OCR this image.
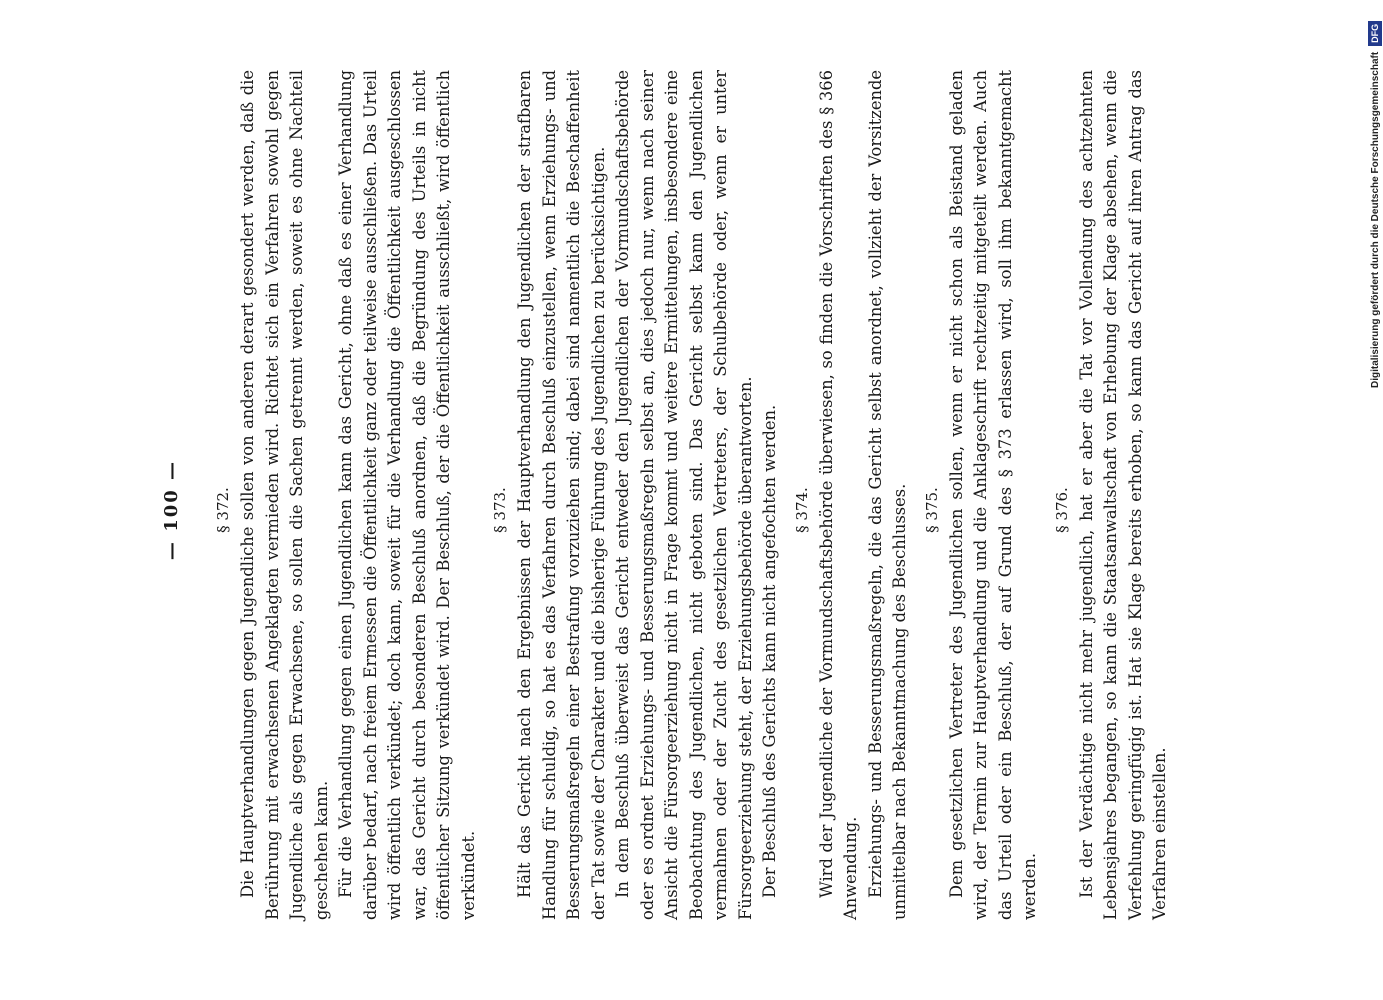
— 100 —	§ 372. Die Hauptverhandlungen gegen Jugendliche sollen von anderen derart gesondert werden, daß die Berührung mit erwachsenen Angeklagten vermieden wird. Richtet sich ein Verfahren sowohl gegen Jugendliche als gegen Erwachsene, so sollen die Sachen getrennt werden, soweit es ohne Nachteil geschehen kann. Für die Verhandlung gegen einen Jugendlichen kann das Gericht, ohne daß es einer Verhandlung darüber bedarf, nach freiem Ermessen die Öffentlichkeit ganz oder teilweise ausschließen. Das Urteil wird öffentlich verkündet; doch kann, soweit für die Verhandlung die Öffentlichkeit ausgeschlossen war, das Gericht durch besonderen Beschluß anordnen, daß die Begründung des Urteils in nicht öffentlicher Sitzung verkündet wird. Der Beschluß, der die Öffentlichkeit ausschließt, wird öffentlich verkündet.

§ 373. Hält das Gericht nach den Ergebnissen der Hauptverhandlung den Jugendlichen der strafbaren Handlung für schuldig, so hat es das Verfahren durch Beschluß einzustellen, wenn Erziehungs- und Besserungsmaßregeln einer Bestrafung vorzuziehen sind; dabei sind namentlich die Beschaffenheit der Tat sowie der Charakter und die bisherige Führung des Jugendlichen zu berücksichtigen. In dem Beschluß überweist das Gericht entweder den Jugendlichen der Vormundschaftsbehörde oder es ordnet Erziehungs- und Besserungsmaßregeln selbst an, dies jedoch nur, wenn nach seiner Ansicht die Fürsorgeerziehung nicht in Frage kommt und weitere Ermittelungen, insbesondere eine Beobachtung des Jugendlichen, nicht geboten sind. Das Gericht selbst kann den Jugendlichen vermahnen oder der Zucht des gesetzlichen Vertreters, der Schulbehörde oder, wenn er unter Fürsorgeerziehung steht, der Erziehungsbehörde überantworten. Der Beschluß des Gerichts kann nicht angefochten werden. § 374. Wird der Jugendliche der Vormundschaftsbehörde überwiesen, so finden die Vorschriften des § 366 Anwendung. Erziehungs- und Besserungsmaßregeln, die das Gericht selbst anordnet, vollzieht der Vorsitzende unmittelbar nach Bekanntmachung des Beschlusses. § 375. Dem gesetzlichen Vertreter des Jugendlichen sollen, wenn er nicht schon als Beistand geladen wird, der Termin zur Hauptverhandlung und die Anklageschrift rechtzeitig mitgeteilt werden. Auch das Urteil oder ein Beschluß, der auf Grund des § 373 erlassen wird, soll ihm bekanntgemacht werden.

§ 376. Ist der Verdächtige nicht mehr jugendlich, hat er aber die Tat vor Vollendung des achtzehnten Lebensjahres begangen, so kann die Staatsanwaltschaft von Erhebung der Klage absehen, wenn die Verfehlung geringfügig ist. Hat sie Klage bereits erhoben, so kann das Gericht auf ihren Antrag das Verfahren einstellen.

Digitalisierung gefördert durch die Deutsche ForschungsgemeinschaftDFG
